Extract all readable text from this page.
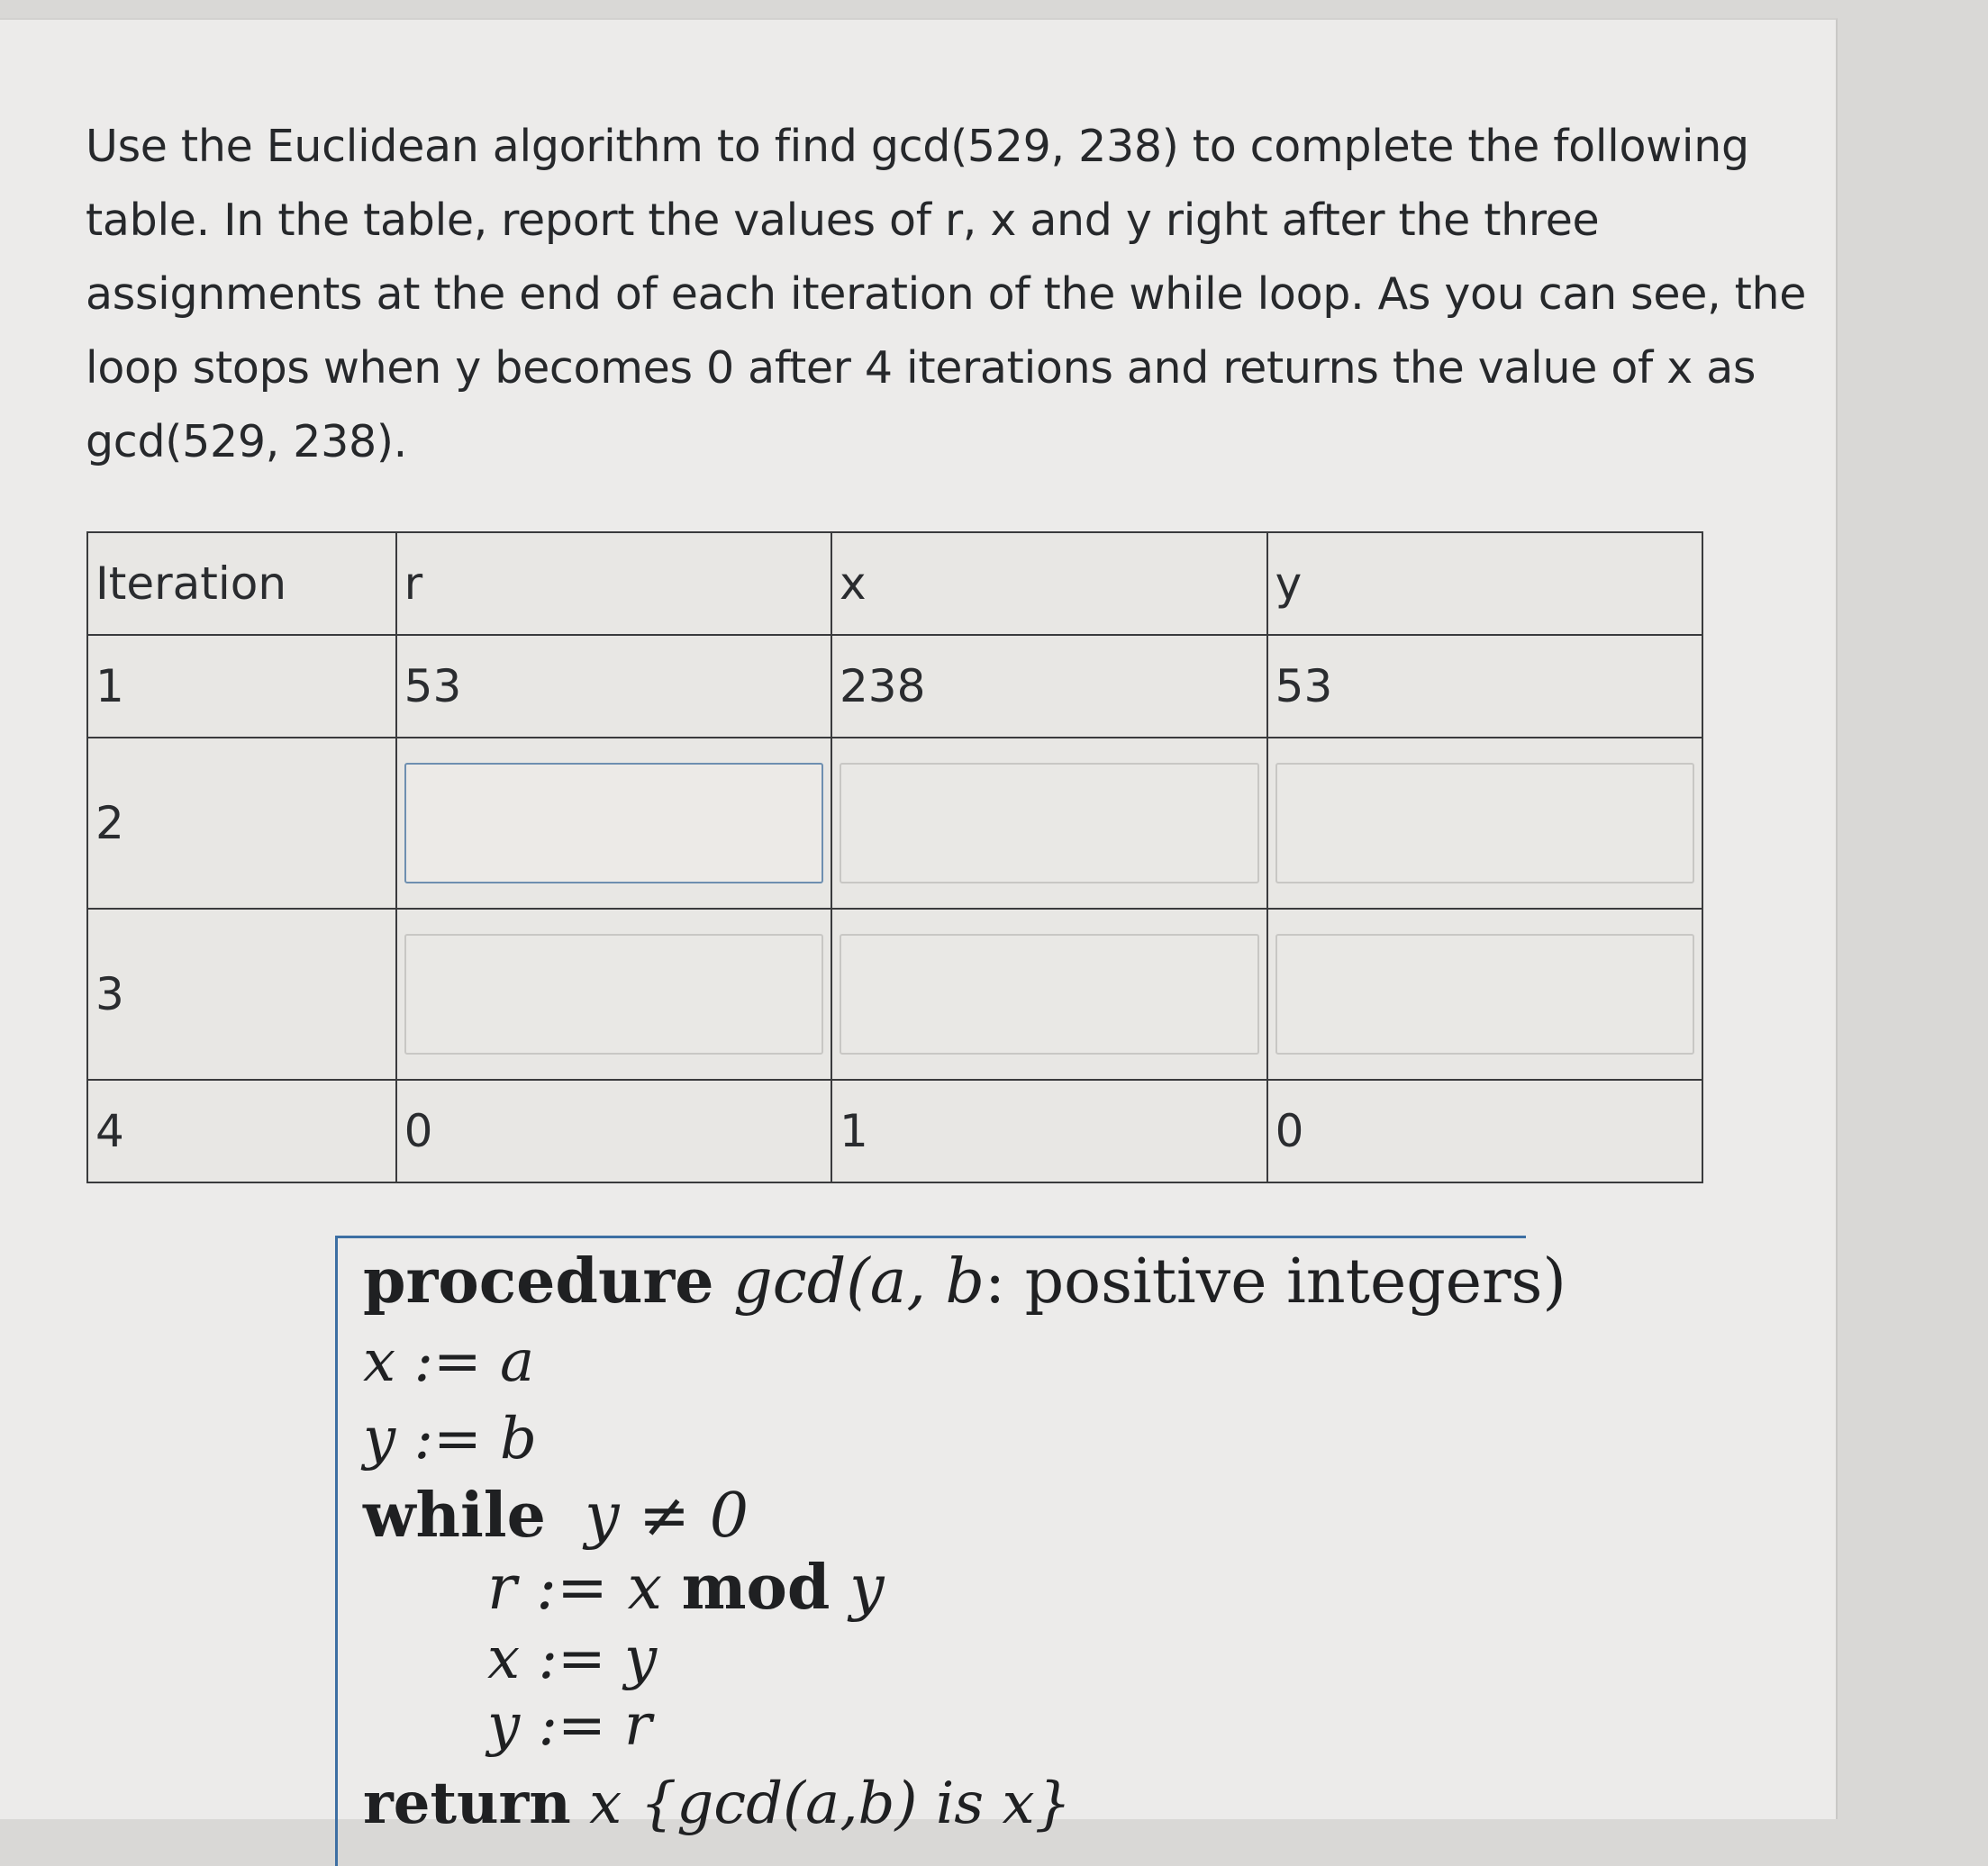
Use the Euclidean algorithm to find gcd(529, 238) to complete the following

table. In the table, report the values of r, x and y right after the three

assignments at the end of each iteration of the while loop. As you can see, the

loop stops when y becomes 0 after 4 iterations and returns the value of x as

gcd(529, 238).

Iteration	r	x	y
1	53	238	53
2	

3	

4	0	1	0
procedure gcd(a, b: positive integers)
x := a
y := b
while y ≠ 0
r := x mod y
x := y
y := r
return x {gcd(a,b) is x}
